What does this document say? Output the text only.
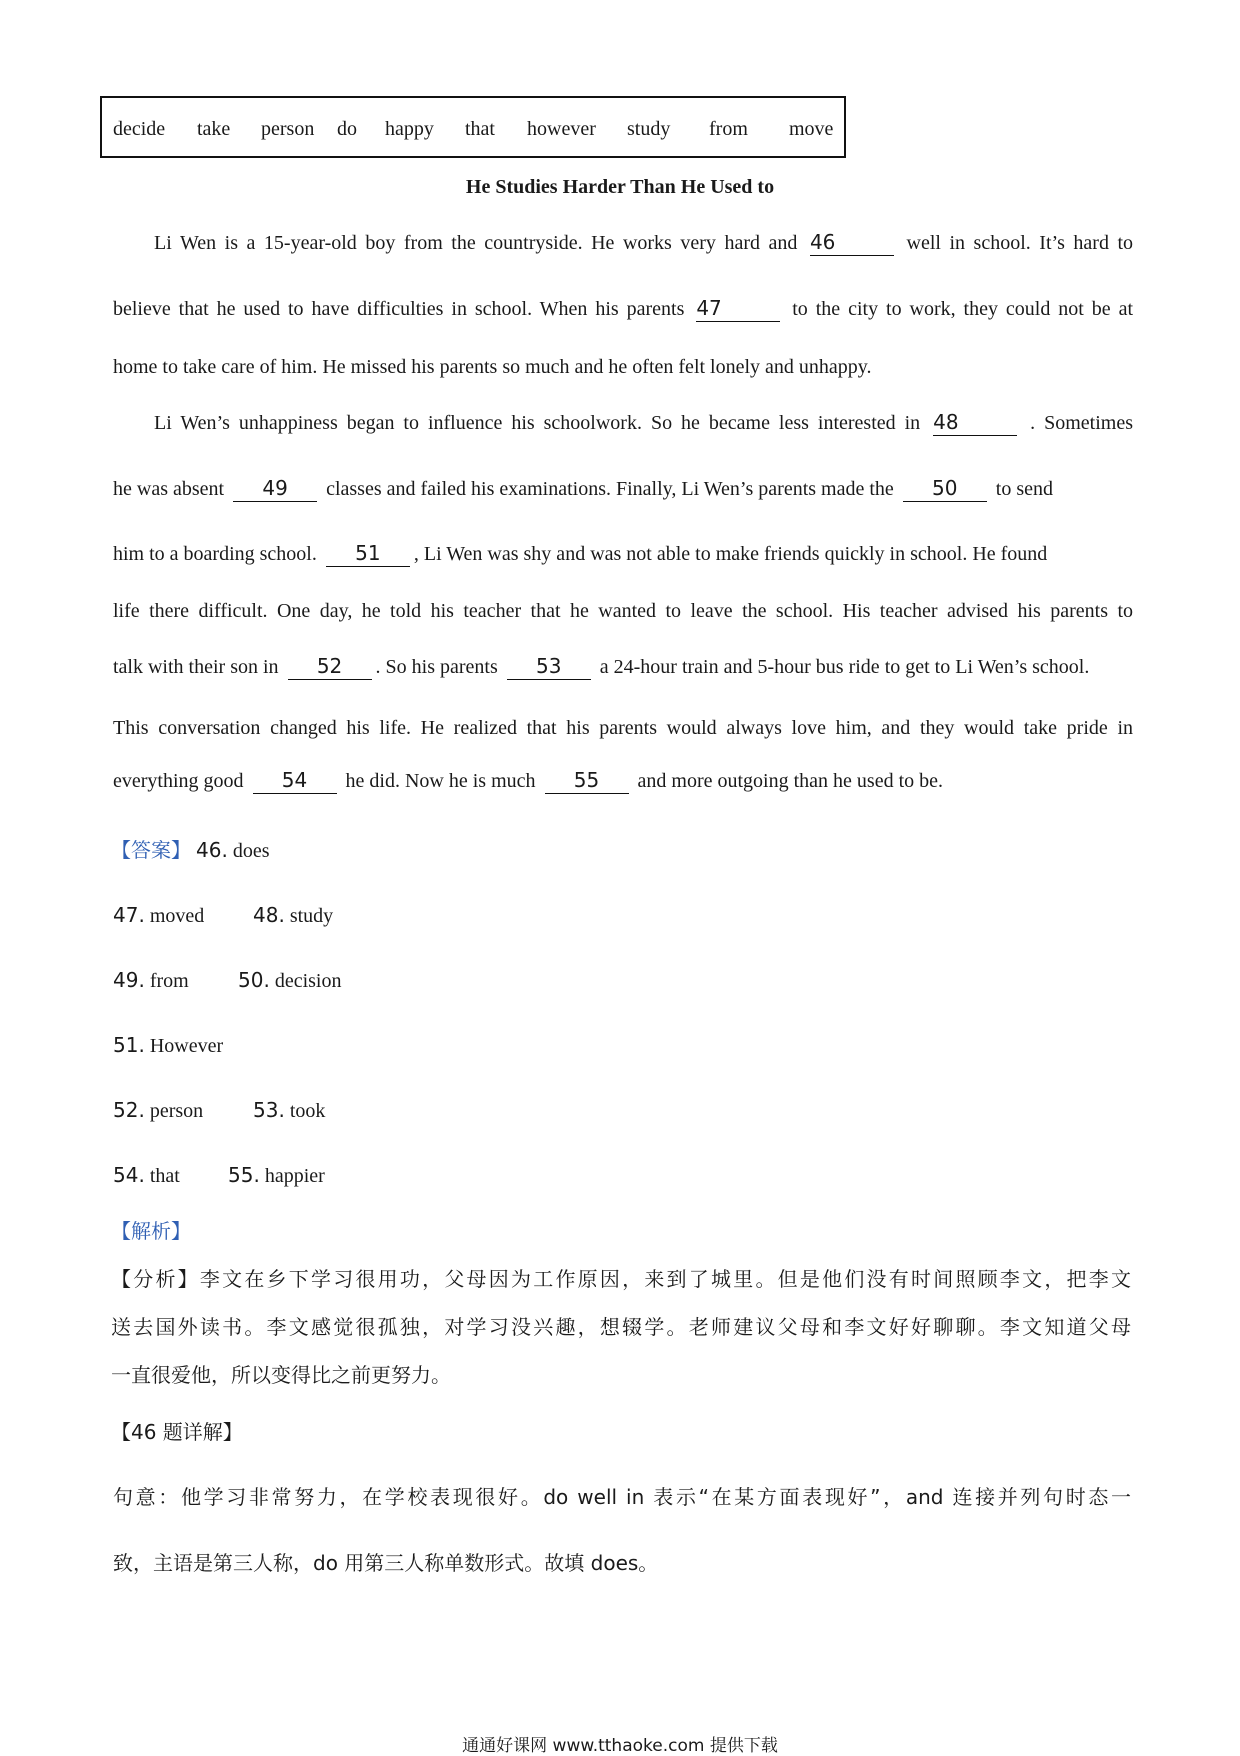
decide take person do happy that however study from move
He Studies Harder Than He Used to
Li Wen is a 15-year-old boy from the countryside. He works very hard and 46	well in school. It’s hard to
believe that he used to have difficulties in school. When his parents 47	to the city to work, they could not be at
home to take care of him. He missed his parents so much and he often felt lonely and unhappy.
Li Wen’s unhappiness began to influence his schoolwork. So he became less interested in 48	. Sometimes
he was absent 49 classes and failed his examinations. Finally, Li Wen’s parents made the 50 to send
him to a boarding school. 51 , Li Wen was shy and was not able to make friends quickly in school. He found
life there difficult. One day, he told his teacher that he wanted to leave the school. His teacher advised his parents to
talk with their son in 52 . So his parents 53 a 24-hour train and 5-hour bus ride to get to Li Wen’s school.
This conversation changed his life. He realized that his parents would always love him, and they would take pride in
everything good 54 he did. Now he is much 55 and more outgoing than he used to be.
【答案】 46. does
47. moved 48. study
49. from 50. decision
51. However
52. person 53. took
54. that 55. happier
【解析】
【分析】李文在乡下学习很用功，父母因为工作原因，来到了城里。但是他们没有时间照顾李文，把李文
送去国外读书。李文感觉很孤独，对学习没兴趣，想辍学。老师建议父母和李文好好聊聊。李文知道父母
一直很爱他，所以变得比之前更努力。
【46 题详解】
句意：他学习非常努力，在学校表现很好。do well in 表示“在某方面表现好”，and 连接并列句时态一
致，主语是第三人称，do 用第三人称单数形式。故填 does。
通通好课网 www.tthaoke.com 提供下载
